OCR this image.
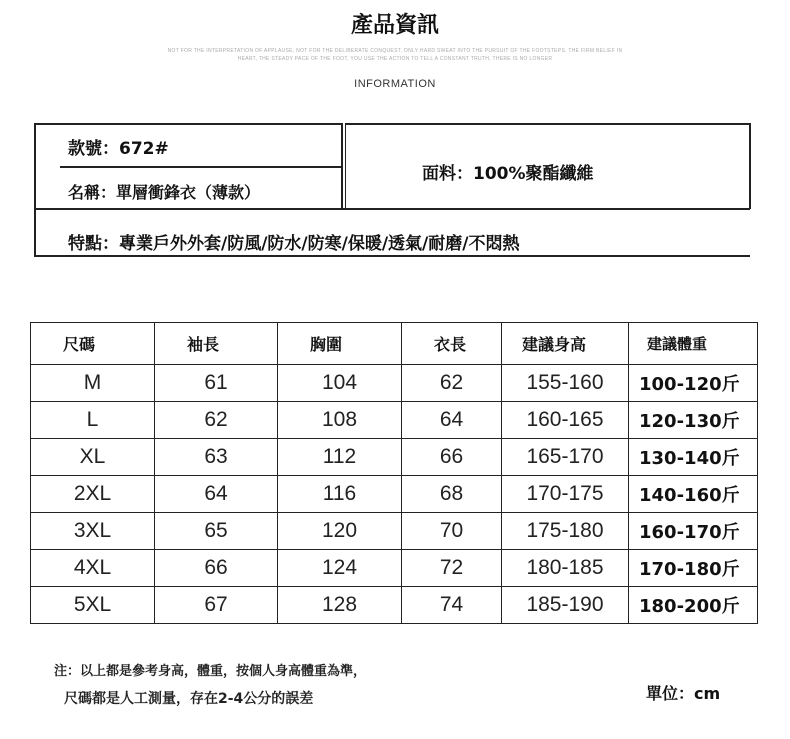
產品資訊
NOT FOR THE INTERPRETATION OF APPLAUSE, NOT FOR THE DELIBERATE CONQUEST, ONLY HARD SWEAT INTO THE PURSUIT OF THE FOOTSTEPS, THE FIRM BELIEF IN
HEART, THE STEADY PACE OF THE FOOT, YOU USE THE ACTION TO TELL A CONSTANT TRUTH, THERE IS NO LONGER
INFORMATION
款號：672#
名稱：單層衝鋒衣（薄款）
面料：100%聚酯纖維
特點：專業戶外外套/防風/防水/防寒/保暖/透氣/耐磨/不悶熱
尺碼	袖長	胸圍	衣長	建議身高	建議體重
M	61	104	62	155-160	100-120斤
L	62	108	64	160-165	120-130斤
XL	63	112	66	165-170	130-140斤
2XL	64	116	68	170-175	140-160斤
3XL	65	120	70	175-180	160-170斤
4XL	66	124	72	180-185	170-180斤
5XL	67	128	74	185-190	180-200斤
注：以上都是參考身高，體重，按個人身高體重為準，
尺碼都是人工測量，存在2-4公分的誤差	單位：cm
